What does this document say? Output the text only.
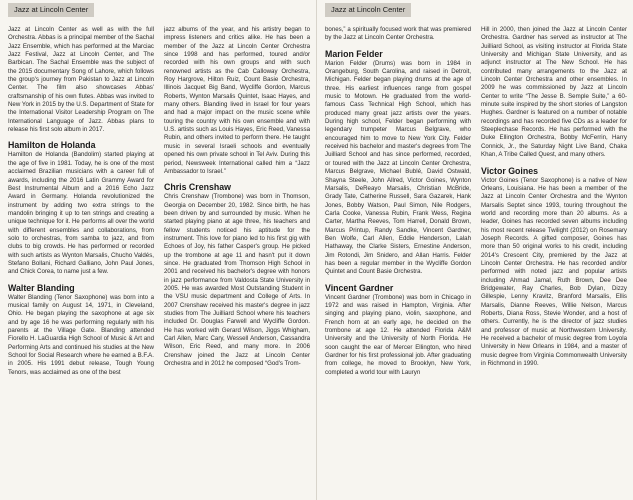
Jazz at Lincoln Center

Jazz at Lincoln Center as well as with the full Orchestra. Abbas is a principal member of the Sachal Jazz Ensemble, which has performed at the Marciac Jazz Festival, Jazz at Lincoln Center, and The Barbican. The Sachal Ensemble was the subject of the 2015 documentary Song of Lahore, which follows the group's journey from Pakistan to Jazz at Lincoln Center. The film also showcases Abbas' craftsmanship of his own flutes. Abbas was invited to New York in 2015 by the U.S. Department of State for the International Visitor Leadership Program on The International Language of Jazz. Abbas plans to release his first solo album in 2017.

Hamilton de Holanda

Hamilton de Holanda (Bandolim) started playing at the age of five in 1981. Today, he is one of the most acclaimed Brazilian musicians with a career full of awards, including the 2016 Latin Grammy Award for Best Instrumental Album and a 2016 Echo Jazz Award in Germany. Holanda revolutionized the instrument by adding two extra strings to the mandolin bringing it up to ten strings and creating a unique technique for it. He performs all over the world with different ensembles and collaborations, from solo to orchestras, from samba to jazz, and from clubs to big crowds. He has performed or recorded with such artists as Wynton Marsalis, Chucho Valdés, Stefano Bollani, Richard Galliano, John Paul Jones, and Chick Corea, to name just a few.

Walter Blanding

Walter Blanding (Tenor Saxophone) was born into a musical family on August 14, 1971, in Cleveland, Ohio. He began playing the saxophone at age six and by age 16 he was performing regularly with his parents at the Village Gate. Blanding attended Fiorello H. LaGuardia High School of Music & Art and Performing Arts and continued his studies at the New School for Social Research where he earned a B.F.A. in 2005. His 1991 debut release, Tough Young Tenors, was acclaimed as one of the best

jazz albums of the year, and his artistry began to impress listeners and critics alike. He has been a member of the Jazz at Lincoln Center Orchestra since 1998 and has performed, toured and/or recorded with his own groups and with such renowned artists as the Cab Calloway Orchestra, Roy Hargrove, Hilton Ruiz, Count Basie Orchestra, Illinois Jacquet Big Band, Wycliffe Gordon, Marcus Roberts, Wynton Marsalis Quintet, Isaac Hayes, and many others. Blanding lived in Israel for four years and had a major impact on the music scene while touring the country with his own ensemble and with U.S. artists such as Louis Hayes, Eric Reed, Vanessa Rubin, and others invited to perform there. He taught music in several Israeli schools and eventually opened his own private school in Tel Aviv. During this period, Newsweek International called him a “Jazz Ambassador to Israel.”

Chris Crenshaw

Chris Crenshaw (Trombone) was born in Thomson, Georgia on December 20, 1982. Since birth, he has been driven by and surrounded by music. When he started playing piano at age three, his teachers and fellow students noticed his aptitude for the instrument. This love for piano led to his first gig with Echoes of Joy, his father Casper's group. He picked up the trombone at age 11 and hasn't put it down since. He graduated from Thomson High School in 2001 and received his bachelor's degree with honors in jazz performance from Valdosta State University in 2005. He was awarded Most Outstanding Student in the VSU music department and College of Arts. In 2007 Crenshaw received his master's degree in jazz studies from The Juilliard School where his teachers included Dr. Douglas Farwell and Wycliffe Gordon. He has worked with Gerard Wilson, Jiggs Whigham, Carl Allen, Marc Cary, Wessell Anderson, Cassandra Wilson, Eric Reed, and many more. In 2006 Crenshaw joined the Jazz at Lincoln Center Orchestra and in 2012 he composed “God's Trom-

Jazz at Lincoln Center

bones,” a spiritually focused work that was premiered by the Jazz at Lincoln Center Orchestra.

Marion Felder

Marion Felder (Drums) was born in 1984 in Orangeburg, South Carolina, and raised in Detroit, Michigan. Felder began playing drums at the age of three. His earliest influences range from gospel music to Motown. He graduated from the world-famous Cass Technical High School, which has produced many great jazz artists over the years. During high school, Felder began performing with legendary trumpeter Marcus Belgrave, who encouraged him to move to New York City. Felder received his bachelor and master's degrees from The Juilliard School and has since performed, recorded, or toured with the Jazz at Lincoln Center Orchestra, Marcus Belgrave, Michael Bublé, David Ostwald, Shayna Steele, John Allred, Victor Goines, Wynton Marsalis, DeReayo Marsalis, Christian McBride, Grady Tate, Catherine Russell, Sara Gazarek, Hank Jones, Bobby Watson, Paul Simon, Nile Rodgers, Carla Cooke, Vanessa Rubin, Frank Wess, Regina Carter, Martha Reeves, Tom Harrell, Donald Brown, Marcus Printup, Randy Sandke, Vincent Gardner, Ben Wolfe, Carl Allen, Eddie Henderson, Lalah Hathaway, the Clarke Sisters, Ernestine Anderson, Jim Rotondi, Jim Snidero, and Allan Harris. Felder has been a regular member in the Wycliffe Gordon Quintet and Count Basie Orchestra.

Vincent Gardner

Vincent Gardner (Trombone) was born in Chicago in 1972 and was raised in Hampton, Virginia. After singing and playing piano, violin, saxophone, and French horn at an early age, he decided on the trombone at age 12. He attended Florida A&M University and the University of North Florida. He soon caught the ear of Mercer Ellington, who hired Gardner for his first professional job. After graduating from college, he moved to Brooklyn, New York, completed a world tour with Lauryn

Hill in 2000, then joined the Jazz at Lincoln Center Orchestra. Gardner has served as instructor at The Juilliard School, as visiting instructor at Florida State University and Michigan State University, and as adjunct instructor at The New School. He has contributed many arrangements to the Jazz at Lincoln Center Orchestra and other ensembles. In 2009 he was commissioned by Jazz at Lincoln Center to write “The Jesse B. Semple Suite,” a 60-minute suite inspired by the short stories of Langston Hughes. Gardner is featured on a number of notable recordings and has recorded five CDs as a leader for Steeplechase Records. He has performed with the Duke Ellington Orchestra, Bobby McFerrin, Harry Connick, Jr., the Saturday Night Live Band, Chaka Khan, A Tribe Called Quest, and many others.

Victor Goines

Victor Goines (Tenor Saxophone) is a native of New Orleans, Louisiana. He has been a member of the Jazz at Lincoln Center Orchestra and the Wynton Marsalis Septet since 1993, touring throughout the world and recording more than 20 albums. As a leader, Goines has recorded seven albums including his most recent release Twilight (2012) on Rosemary Joseph Records. A gifted composer, Goines has more than 50 original works to his credit, including 2014's Crescent City, premiered by the Jazz at Lincoln Center Orchestra. He has recorded and/or performed with noted jazz and popular artists including Ahmad Jamal, Ruth Brown, Dee Dee Bridgewater, Ray Charles, Bob Dylan, Dizzy Gillespie, Lenny Kravitz, Branford Marsalis, Ellis Marsalis, Dianne Reeves, Willie Nelson, Marcus Roberts, Diana Ross, Stevie Wonder, and a host of others. Currently, he is the director of jazz studies and professor of music at Northwestern University. He received a bachelor of music degree from Loyola University in New Orleans in 1984, and a master of music degree from Virginia Commonwealth University in Richmond in 1990.
